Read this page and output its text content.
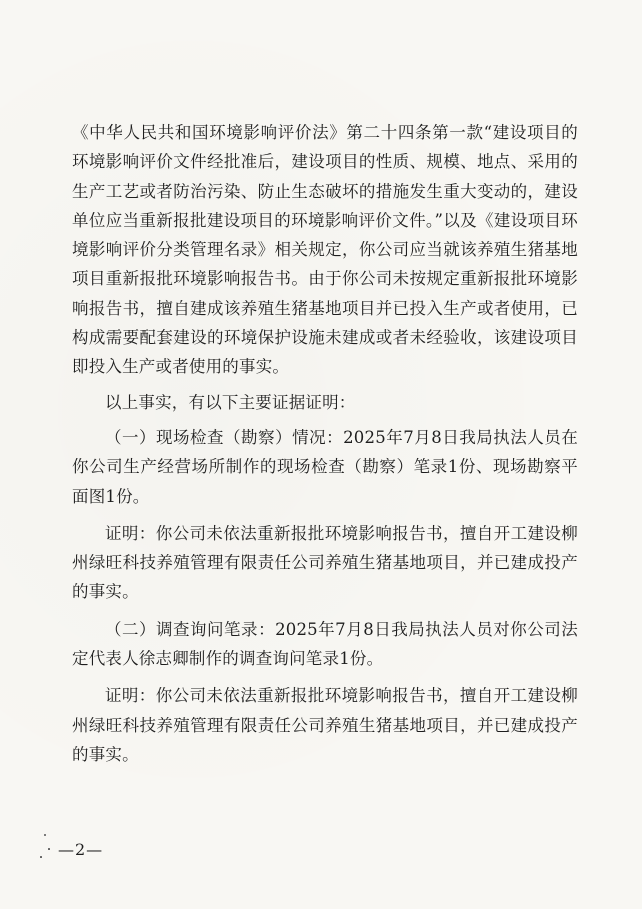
《中华人民共和国环境影响评价法》第二十四条第一款“建设项目的环境影响评价文件经批准后，建设项目的性质、规模、地点、采用的生产工艺或者防治污染、防止生态破坏的措施发生重大变动的，建设单位应当重新报批建设项目的环境影响评价文件。”以及《建设项目环境影响评价分类管理名录》相关规定，你公司应当就该养殖生猪基地项目重新报批环境影响报告书。由于你公司未按规定重新报批环境影响报告书，擅自建成该养殖生猪基地项目并已投入生产或者使用，已构成需要配套建设的环境保护设施未建成或者未经验收，该建设项目即投入生产或者使用的事实。

以上事实，有以下主要证据证明：

（一）现场检查（勘察）情况：2025年7月8日我局执法人员在你公司生产经营场所制作的现场检查（勘察）笔录1份、现场勘察平面图1份。

证明：你公司未依法重新报批环境影响报告书，擅自开工建设柳州绿旺科技养殖管理有限责任公司养殖生猪基地项目，并已建成投产的事实。

（二）调查询问笔录：2025年7月8日我局执法人员对你公司法定代表人徐志卿制作的调查询问笔录1份。

证明：你公司未依法重新报批环境影响报告书，擅自开工建设柳州绿旺科技养殖管理有限责任公司养殖生猪基地项目，并已建成投产的事实。

—2—
